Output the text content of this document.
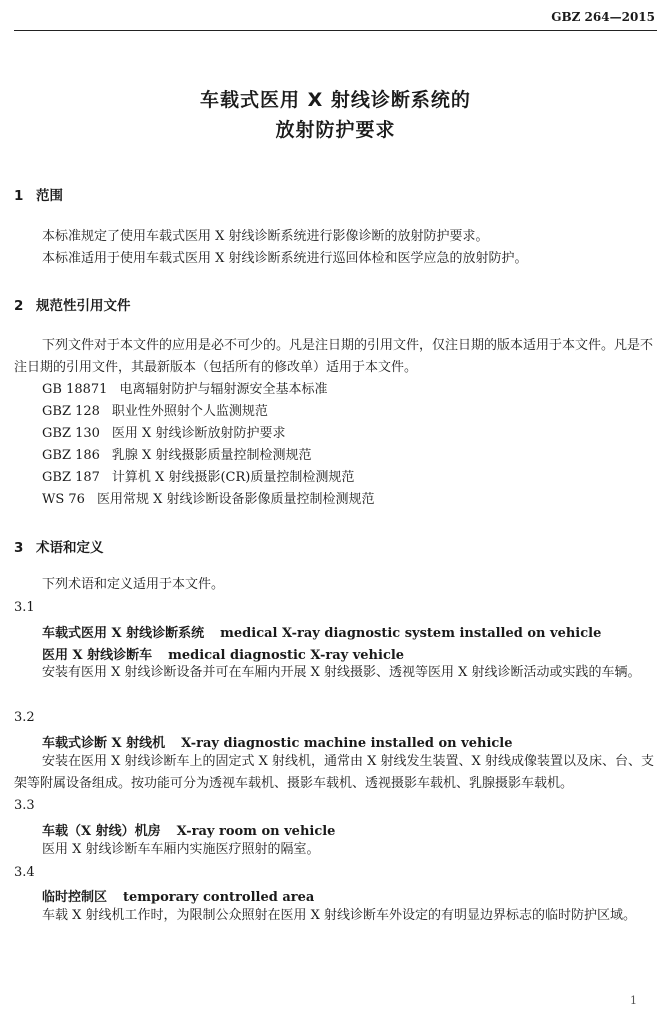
GBZ 264—2015
车载式医用 X 射线诊断系统的
放射防护要求
1 范围
本标准规定了使用车载式医用 X 射线诊断系统进行影像诊断的放射防护要求。
本标准适用于使用车载式医用 X 射线诊断系统进行巡回体检和医学应急的放射防护。
2 规范性引用文件
下列文件对于本文件的应用是必不可少的。凡是注日期的引用文件，仅注日期的版本适用于本文件。凡是不注日期的引用文件，其最新版本（包括所有的修改单）适用于本文件。
GB 18871 电离辐射防护与辐射源安全基本标准
GBZ 128 职业性外照射个人监测规范
GBZ 130 医用 X 射线诊断放射防护要求
GBZ 186 乳腺 X 射线摄影质量控制检测规范
GBZ 187 计算机 X 射线摄影(CR)质量控制检测规范
WS 76 医用常规 X 射线诊断设备影像质量控制检测规范
3 术语和定义
下列术语和定义适用于本文件。
3.1
车载式医用 X 射线诊断系统 medical X-ray diagnostic system installed on vehicle
医用 X 射线诊断车 medical diagnostic X-ray vehicle
安装有医用 X 射线诊断设备并可在车厢内开展 X 射线摄影、透视等医用 X 射线诊断活动或实践的车辆。
3.2
车载式诊断 X 射线机 X-ray diagnostic machine installed on vehicle
安装在医用 X 射线诊断车上的固定式 X 射线机，通常由 X 射线发生装置、X 射线成像装置以及床、台、支架等附属设备组成。按功能可分为透视车载机、摄影车载机、透视摄影车载机、乳腺摄影车载机。
3.3
车载（X 射线）机房 X-ray room on vehicle
医用 X 射线诊断车车厢内实施医疗照射的隔室。
3.4
临时控制区 temporary controlled area
车载 X 射线机工作时，为限制公众照射在医用 X 射线诊断车外设定的有明显边界标志的临时防护区域。
1
